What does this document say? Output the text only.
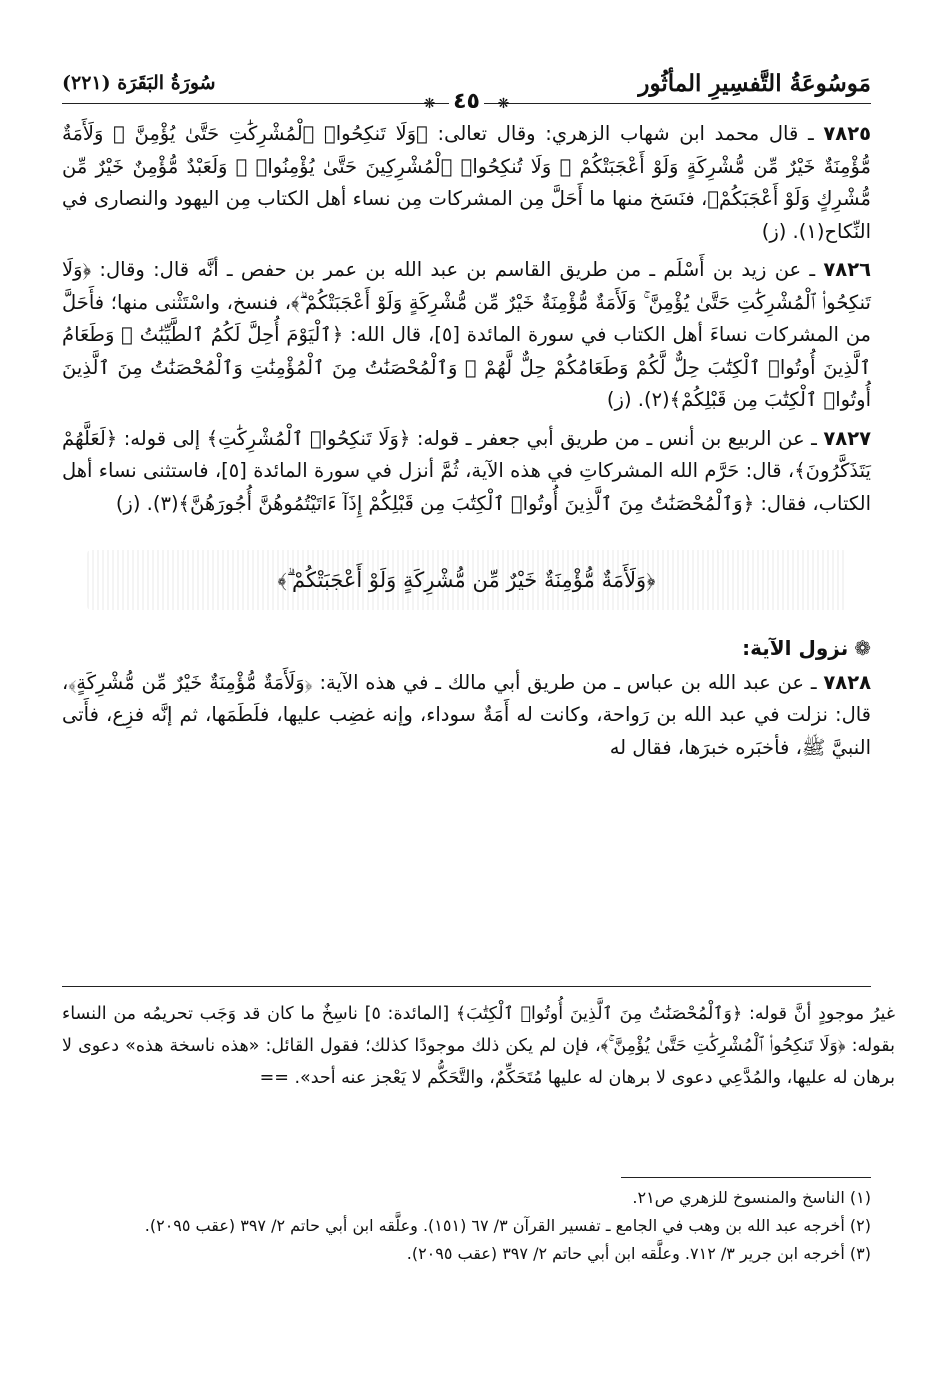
مَوسُوعَةُ التَّفسِيرِ المأثُور
سُورَةُ البَقَرَة (٢٢١)
❋ ٤٥ ❋

٧٨٢٥ ـ قال محمد ابن شهاب الزهري: وقال تعالى: ﴿وَلَا تَنكِحُوا۟ ٱلْمُشْرِكَٰتِ حَتَّىٰ يُؤْمِنَّ ۚ وَلَأَمَةٌ مُّؤْمِنَةٌ خَيْرٌ مِّن مُّشْرِكَةٍ وَلَوْ أَعْجَبَتْكُمْ ۗ وَلَا تُنكِحُوا۟ ٱلْمُشْرِكِينَ حَتَّىٰ يُؤْمِنُوا۟ ۚ وَلَعَبْدٌ مُّؤْمِنٌ خَيْرٌ مِّن مُّشْرِكٍ وَلَوْ أَعْجَبَكُمْ﴾، فنَسَخ منها ما أَحَلَّ مِن المشركات مِن نساء أهل الكتاب مِن اليهود والنصارى في النِّكاح(١). (ز)

٧٨٢٦ ـ عن زيد بن أَسْلَم ـ من طريق القاسم بن عبد الله بن عمر بن حفص ـ أنَّه قال: وقال: ﴿وَلَا تَنكِحُوا۟ ٱلْمُشْرِكَٰتِ حَتَّىٰ يُؤْمِنَّ ۚ وَلَأَمَةٌ مُّؤْمِنَةٌ خَيْرٌ مِّن مُّشْرِكَةٍ وَلَوْ أَعْجَبَتْكُمْ ۗ﴾، فنسخ، واسْتَثْنى منها؛ فأَحَلَّ من المشركات نساءَ أهل الكتاب في سورة المائدة [٥]، قال الله: ﴿ٱلْيَوْمَ أُحِلَّ لَكُمُ ٱلطَّيِّبَٰتُ ۖ وَطَعَامُ ٱلَّذِينَ أُوتُوا۟ ٱلْكِتَٰبَ حِلٌّ لَّكُمْ وَطَعَامُكُمْ حِلٌّ لَّهُمْ ۖ وَٱلْمُحْصَنَٰتُ مِنَ ٱلْمُؤْمِنَٰتِ وَٱلْمُحْصَنَٰتُ مِنَ ٱلَّذِينَ أُوتُوا۟ ٱلْكِتَٰبَ مِن قَبْلِكُمْ﴾(٢). (ز)

٧٨٢٧ ـ عن الربيع بن أنس ـ من طريق أبي جعفر ـ قوله: ﴿وَلَا تَنكِحُوا۟ ٱلْمُشْرِكَٰتِ﴾ إلى قوله: ﴿لَعَلَّهُمْ يَتَذَكَّرُونَ﴾، قال: حَرَّم الله المشركاتِ في هذه الآية، ثُمَّ أنزل في سورة المائدة [٥]، فاستثنى نساء أهل الكتاب، فقال: ﴿وَٱلْمُحْصَنَٰتُ مِنَ ٱلَّذِينَ أُوتُوا۟ ٱلْكِتَٰبَ مِن قَبْلِكُمْ إِذَآ ءَاتَيْتُمُوهُنَّ أُجُورَهُنَّ﴾(٣). (ز)

﴿وَلَأَمَةٌ مُّؤْمِنَةٌ خَيْرٌ مِّن مُّشْرِكَةٍ وَلَوْ أَعْجَبَتْكُمْ ۗ﴾
❁نزول الآية:

٧٨٢٨ ـ عن عبد الله بن عباس ـ من طريق أبي مالك ـ في هذه الآية: ﴿وَلَأَمَةٌ مُّؤْمِنَةٌ خَيْرٌ مِّن مُّشْرِكَةٍ﴾، قال: نزلت في عبد الله بن رَواحة، وكانت له أَمَةٌ سوداء، وإنه غضِب عليها، فلَطَمَها، ثم إنَّه فزِع، فأَتى النبيَّ ﷺ، فأخبَره خبرَها، فقال له

غيرُ موجودٍ أنَّ قوله: ﴿وَٱلْمُحْصَنَٰتُ مِنَ ٱلَّذِينَ أُوتُوا۟ ٱلْكِتَٰبَ﴾ [المائدة: ٥] ناسِخٌ ما كان قد وَجَب تحريمُه من النساء بقوله: ﴿وَلَا تَنكِحُوا۟ ٱلْمُشْرِكَٰتِ حَتَّىٰ يُؤْمِنَّ ۚ﴾، فإن لم يكن ذلك موجودًا كذلك؛ فقول القائل: «هذه ناسخة هذه» دعوى لا برهان له عليها، والمُدَّعِي دعوى لا برهان له عليها مُتَحَكِّمٌ، والتَّحَكُّم لا يَعْجز عنه أحد». ==
(١) الناسخ والمنسوخ للزهري ص٢١.
(٢) أخرجه عبد الله بن وهب في الجامع ـ تفسير القرآن ٣/ ٦٧ (١٥١). وعلَّقه ابن أبي حاتم ٢/ ٣٩٧ (عقب ٢٠٩٥).
(٣) أخرجه ابن جرير ٣/ ٧١٢. وعلَّقه ابن أبي حاتم ٢/ ٣٩٧ (عقب ٢٠٩٥).
